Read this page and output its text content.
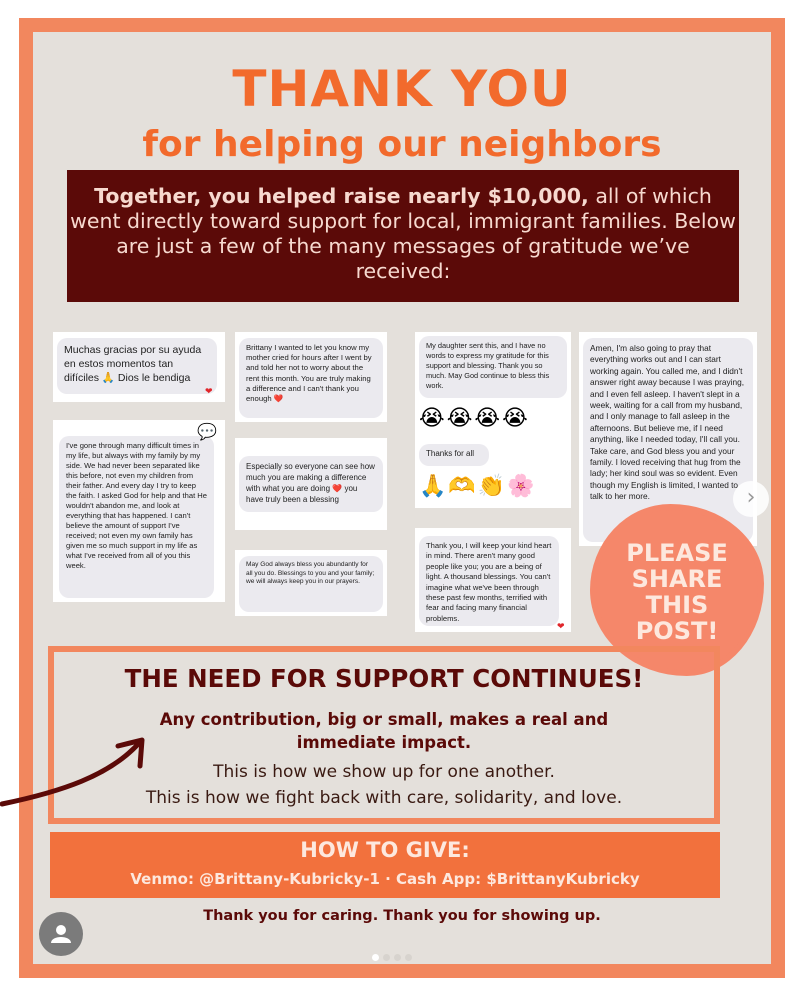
THANK YOU
for helping our neighbors
Together, you helped raise nearly $10,000, all of which went directly toward support for local, immigrant families. Below are just a few of the many messages of gratitude we’ve received:
Muchas gracias por su ayuda en estos momentos tan difíciles 🙏 Dios le bendiga
❤
I've gone through many difficult times in my life, but always with my family by my side. We had never been separated like this before, not even my children from their father. And every day I try to keep the faith. I asked God for help and that He wouldn't abandon me, and look at everything that has happened. I can't believe the amount of support I've received; not even my own family has given me so much support in my life as what I've received from all of you this week.
💬
Brittany I wanted to let you know my mother cried for hours after I went by and told her not to worry about the rent this month. You are truly making a difference and I can't thank you enough ❤️
Especially so everyone can see how much you are making a difference with what you are doing ❤️ you have truly been a blessing
May God always bless you abundantly for all you do. Blessings to you and your family; we will always keep you in our prayers.
My daughter sent this, and I have no words to express my gratitude for this support and blessing. Thank you so much. May God continue to bless this work.
😭😭😭😭
Thanks for all
🙏🫶👏🌸
Thank you, I will keep your kind heart in mind. There aren't many good people like you; you are a being of light. A thousand blessings. You can't imagine what we've been through these past few months, terrified with fear and facing many financial problems.
❤
Amen, I'm also going to pray that everything works out and I can start working again. You called me, and I didn't answer right away because I was praying, and I even fell asleep. I haven't slept in a week, waiting for a call from my husband, and I only manage to fall asleep in the afternoons. But believe me, if I need anything, like I needed today, I'll call you. Take care, and God bless you and your family. I loved receiving that hug from the lady; her kind soul was so evident. Even though my English is limited, I wanted to talk to her more.	›
PLEASE
SHARE
THIS
POST!
THE NEED FOR SUPPORT CONTINUES!
Any contribution, big or small, makes a real and immediate impact.
This is how we show up for one another.
This is how we fight back with care, solidarity, and love.
HOW TO GIVE:
Venmo: @Brittany-Kubricky-1 · Cash App: $BrittanyKubricky
Thank you for caring. Thank you for showing up.
